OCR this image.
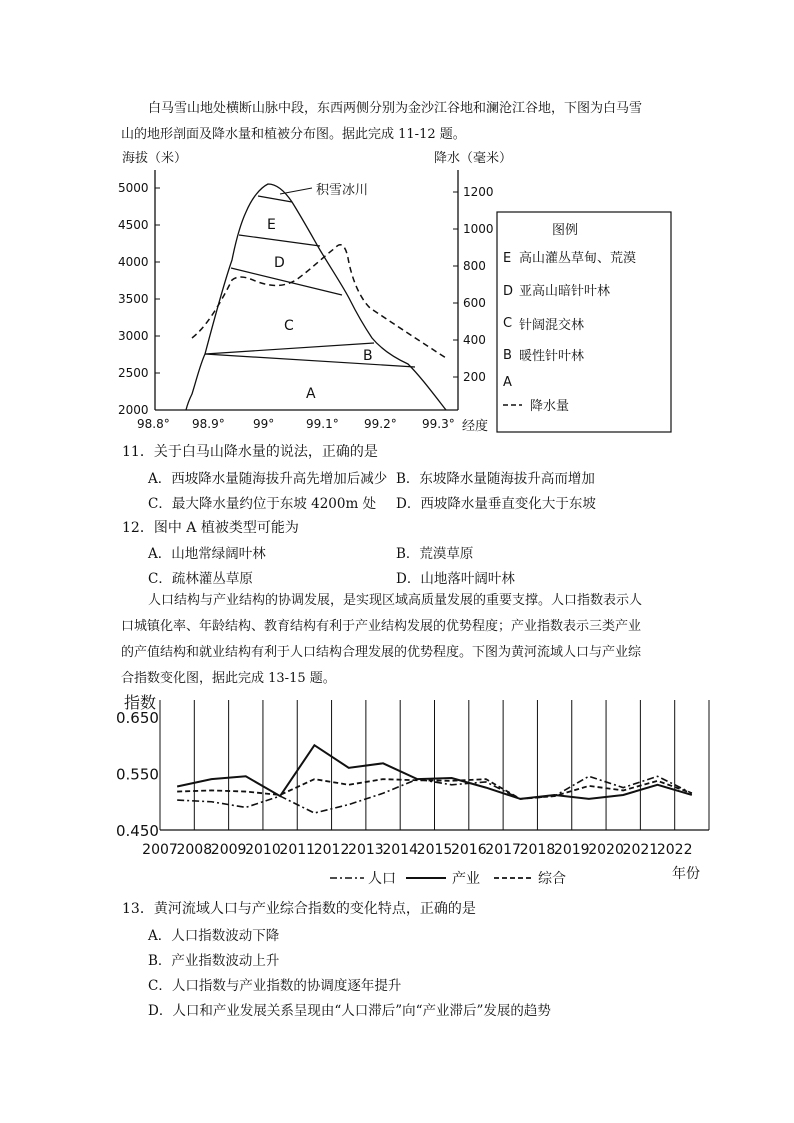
白马雪山地处横断山脉中段，东西两侧分别为金沙江谷地和澜沧江谷地，下图为白马雪
山的地形剖面及降水量和植被分布图。据此完成 11-12 题。
海拔（米）	降水（毫米）
5000
4500
4000
3500
3000
2500
2000
1200
1000
800
600
400
200
98.8° 98.9° 99°	99.1° 99.2° 99.3° 经度
E
D
C
B
A
积雪冰川
图例
E 高山灌丛草甸、荒漠
D 亚高山暗针叶林
C 针阔混交林
B 暖性针叶林
A
降水量
11．关于白马山降水量的说法，正确的是
A．西坡降水量随海拔升高先增加后减少 B．东坡降水量随海拔升高而增加
C．最大降水量约位于东坡 4200m 处 D．西坡降水量垂直变化大于东坡
12．图中 A 植被类型可能为
A．山地常绿阔叶林	B．荒漠草原
C．疏林灌丛草原	D．山地落叶阔叶林
人口结构与产业结构的协调发展，是实现区域高质量发展的重要支撑。人口指数表示人
口城镇化率、年龄结构、教育结构有利于产业结构发展的优势程度；产业指数表示三类产业
的产值结构和就业结构有利于人口结构合理发展的优势程度。下图为黄河流域人口与产业综
合指数变化图，据此完成 13-15 题。
指数
0.650
0.550
0.450
2007
2008
2009
2010
2011
2012
2013
2014
2015
2016
2017
2018
2019
2020
2021
2022
年份
人口	产业	综合
13．黄河流域人口与产业综合指数的变化特点，正确的是
A．人口指数波动下降
B．产业指数波动上升
C．人口指数与产业指数的协调度逐年提升
D．人口和产业发展关系呈现由“人口滞后”向“产业滞后”发展的趋势
